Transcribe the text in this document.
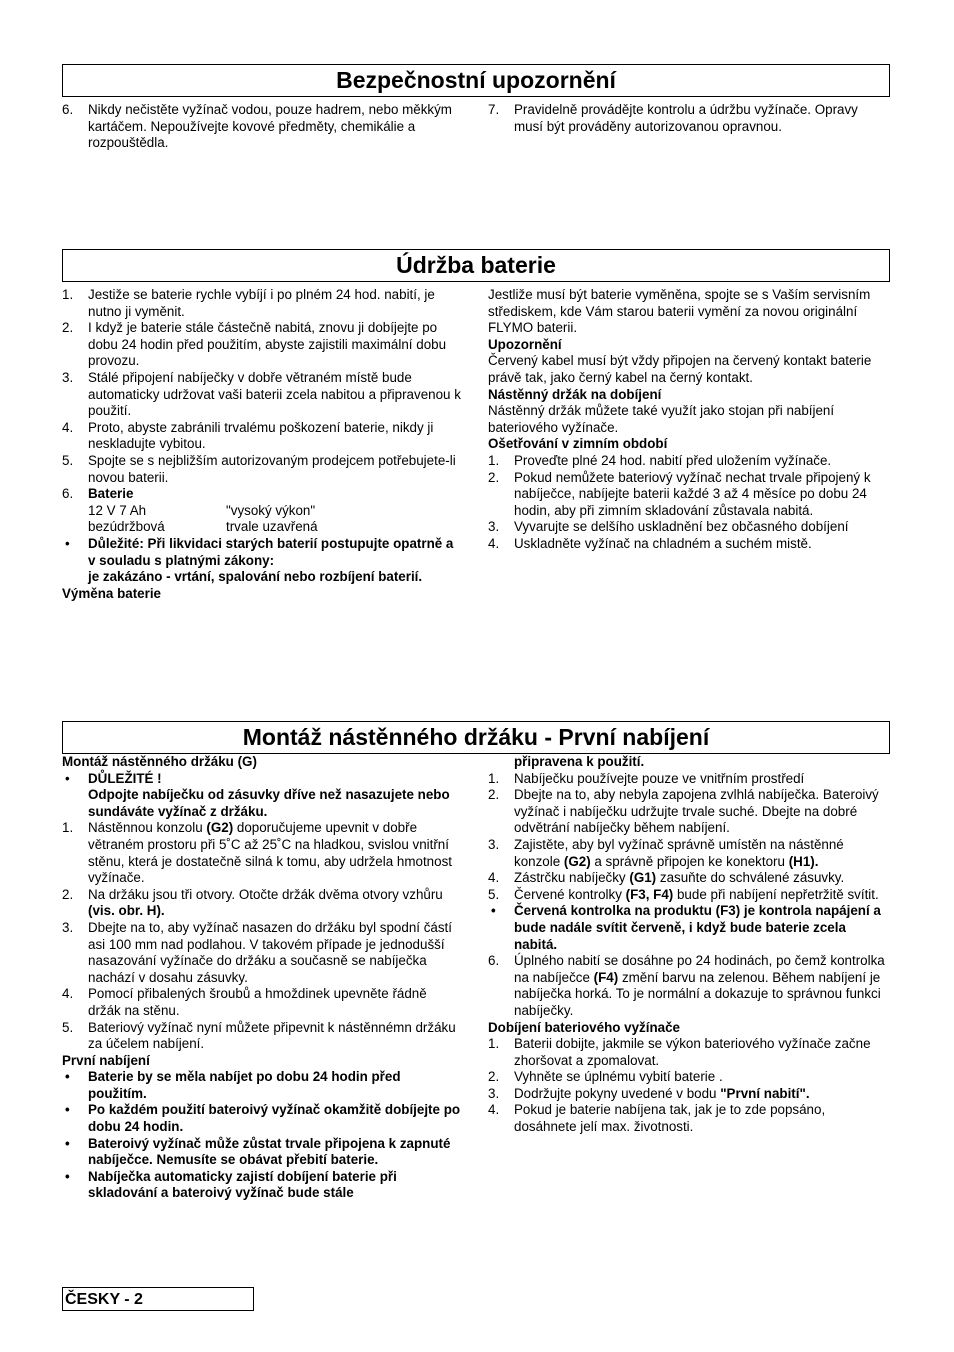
Bezpečnostní upozornění
6. Nikdy nečistěte vyžínač vodou, pouze hadrem, nebo měkkým kartáčem. Nepoužívejte kovové předměty, chemikálie a rozpouštědla.
7. Pravidelně provádějte kontrolu a údržbu vyžínače. Opravy musí být prováděny autorizovanou opravnou.
Údržba baterie
1. Jestiže se baterie rychle vybíjí i po plném 24 hod. nabití, je nutno ji vyměnit.
2. I když je baterie stále částečně nabitá, znovu ji dobíjejte po dobu 24 hodin před použitím, abyste zajistili maximální dobu provozu.
3. Stálé připojení nabíječky v dobře větraném místě bude automaticky udržovat vaši baterii zcela nabitou a připravenou k použití.
4. Proto, abyste zabránili trvalému poškození baterie, nikdy ji neskladujte vybitou.
5. Spojte se s nejbližším autorizovaným prodejcem potřebujete-li novou baterii.
6. Baterie
12 V 7 Ah	"vysoký výkon"
bezúdržbová	trvale uzavřená
• Důležité: Při likvidaci starých baterií postupujte opatrně a v souladu s platnými zákony:
je zakázáno - vrtání, spalování nebo rozbíjení baterií.

Výměna baterie

Jestliže musí být baterie vyměněna, spojte se s Vaším servisním střediskem, kde Vám starou baterii vymění za novou originální FLYMO baterii.

Upozornění

Červený kabel musí být vždy připojen na červený kontakt baterie právě tak, jako černý kabel na černý kontakt.

Nástěnný držák na dobíjení

Nástěnný držák můžete také využít jako stojan při nabíjení bateriového vyžínače.

Ošetřování v zimním období

1. Proveďte plné 24 hod. nabití před uložením vyžínače.
2. Pokud nemůžete bateriový vyžínač nechat trvale připojený k nabíječce, nabíjejte baterii každé 3 až 4 měsíce po dobu 24 hodin, aby při zimním skladování zůstavala nabitá.
3. Vyvarujte se delšího uskladnění bez občasného dobíjení
4. Uskladněte vyžínač na chladném a suchém mistě.
Montáž nástěnného držáku - První nabíjení

Montáž nástěnného držáku (G)

• DŮLEŽITÉ !
Odpojte nabíječku od zásuvky dříve než nasazujete nebo sundáváte vyžínač z držáku.
1. Nástěnnou konzolu (G2) doporučujeme upevnit v dobře větraném prostoru při 5˚C až 25˚C na hladkou, svislou vnitřní stěnu, která je dostatečně silná k tomu, aby udržela hmotnost vyžínače.
2. Na držáku jsou tři otvory. Otočte držák dvěma otvory vzhůru (vis. obr. H).
3. Dbejte na to, aby vyžínač nasazen do držáku byl spodní částí asi 100 mm nad podlahou. V takovém případe je jednodušší nasazování vyžínače do držáku a současně se nabíječka nachází v dosahu zásuvky.
4. Pomocí přibalených šroubů a hmoždinek upevněte řádně držák na stěnu.
5. Bateriový vyžínač nyní můžete připevnit k nástěnnémn držáku za účelem nabíjení.

První nabíjení

• Baterie by se měla nabíjet po dobu 24 hodin před použitím.
• Po každém použití bateroivý vyžínač okamžitě dobíjejte po dobu 24 hodin.
• Bateroivý vyžínač může zůstat trvale připojena k zapnuté nabíječce. Nemusíte se obávat přebití baterie.
• Nabíječka automaticky zajistí dobíjení baterie při skladování a bateroivý vyžínač bude stále
připravena k použití.
1. Nabíječku používejte pouze ve vnitřním prostředí
2. Dbejte na to, aby nebyla zapojena zvlhlá nabíječka. Bateroivý vyžínač i nabíječku udržujte trvale suché. Dbejte na dobré odvětrání nabíječky během nabíjení.
3. Zajistěte, aby byl vyžínač správně umístěn na nástěnné konzole (G2) a správně připojen ke konektoru (H1).
4. Zástrčku nabíječky (G1) zasuňte do schválené zásuvky.
5. Červené kontrolky (F3, F4) bude při nabíjení nepřetržitě svítit.
• Červená kontrolka na produktu (F3) je kontrola napájení a bude nadále svítit červeně, i když bude baterie zcela nabitá.
6. Úplného nabití se dosáhne po 24 hodinách, po čemž kontrolka na nabíječce (F4) změní barvu na zelenou. Během nabíjení je nabíječka horká. To je normální a dokazuje to správnou funkci nabíječky.

Dobíjení bateriového vyžínače

1. Baterii dobijte, jakmile se výkon bateriového vyžínače začne zhoršovat a zpomalovat.
2. Vyhněte se úplnému vybití baterie .
3. Dodržujte pokyny uvedené v bodu "První nabití".
4. Pokud je baterie nabíjena tak, jak je to zde popsáno, dosáhnete jelí max. životnosti.
ČESKY - 2
